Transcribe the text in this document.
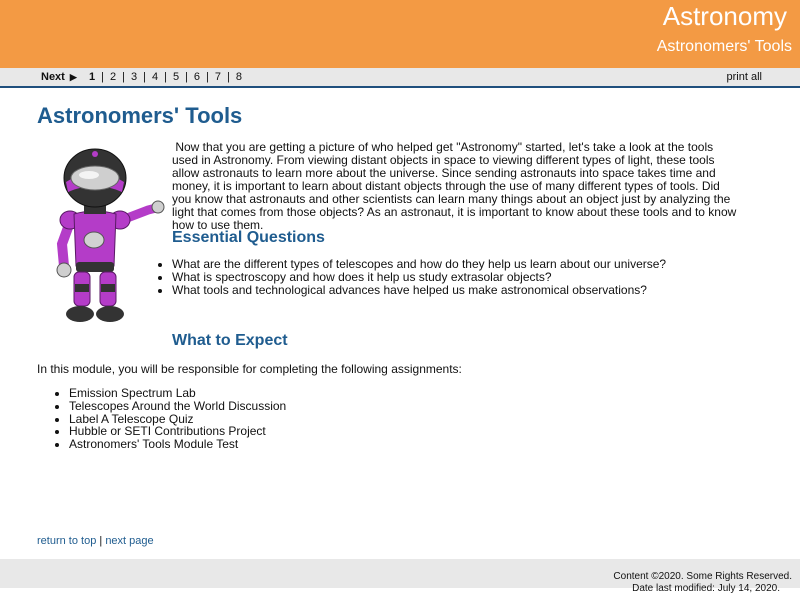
Astronomy
Astronomers' Tools
Next ▶ 1 | 2 | 3 | 4 | 5 | 6 | 7 | 8	print all
Astronomers' Tools

Now that you are getting a picture of who helped get "Astronomy" started, let's take a look at the tools used in Astronomy. From viewing distant objects in space to viewing different types of light, these tools allow astronauts to learn more about the universe. Since sending astronauts into space takes time and money, it is important to learn about distant objects through the use of many different types of tools. Did you know that astronauts and other scientists can learn many things about an object just by analyzing the light that comes from those objects? As an astronaut, it is important to know about these tools and to know how to use them.

Essential Questions
• What are the different types of telescopes and how do they help us learn about our universe?
• What is spectroscopy and how does it help us study extrasolar objects?
• What tools and technological advances have helped us make astronomical observations?
What to Expect

In this module, you will be responsible for completing the following assignments:

• Emission Spectrum Lab
• Telescopes Around the World Discussion
• Label A Telescope Quiz
• Hubble or SETI Contributions Project
• Astronomers' Tools Module Test
return to top | next page
Content ©2020. Some Rights Reserved.
Date last modified: July 14, 2020.
